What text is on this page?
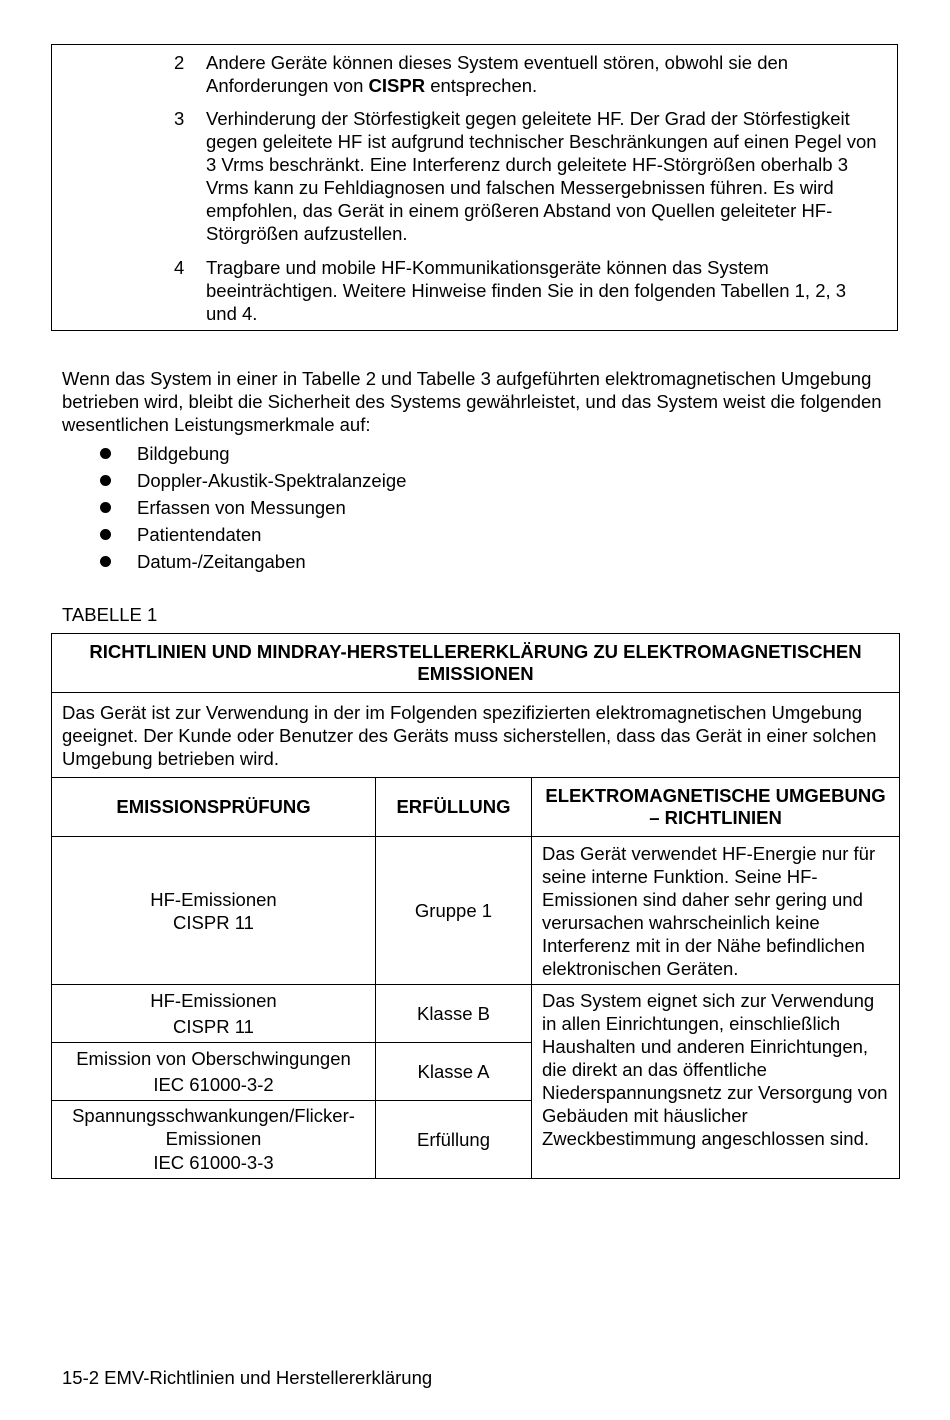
2 Andere Geräte können dieses System eventuell stören, obwohl sie den Anforderungen von CISPR entsprechen.
3 Verhinderung der Störfestigkeit gegen geleitete HF. Der Grad der Störfestigkeit gegen geleitete HF ist aufgrund technischer Beschränkungen auf einen Pegel von 3 Vrms beschränkt. Eine Interferenz durch geleitete HF-Störgrößen oberhalb 3 Vrms kann zu Fehldiagnosen und falschen Messergebnissen führen. Es wird empfohlen, das Gerät in einem größeren Abstand von Quellen geleiteter HF-Störgrößen aufzustellen.
4 Tragbare und mobile HF-Kommunikationsgeräte können das System beeinträchtigen. Weitere Hinweise finden Sie in den folgenden Tabellen 1, 2, 3 und 4.
Wenn das System in einer in Tabelle 2 und Tabelle 3 aufgeführten elektromagnetischen Umgebung betrieben wird, bleibt die Sicherheit des Systems gewährleistet, und das System weist die folgenden wesentlichen Leistungsmerkmale auf:
Bildgebung
Doppler-Akustik-Spektralanzeige
Erfassen von Messungen
Patientendaten
Datum-/Zeitangaben
TABELLE 1
RICHTLINIEN UND MINDRAY-HERSTELLERERKLÄRUNG ZU ELEKTROMAGNETISCHEN EMISSIONEN		
Das Gerät ist zur Verwendung in der im Folgenden spezifizierten elektromagnetischen Umgebung geeignet. Der Kunde oder Benutzer des Geräts muss sicherstellen, dass das Gerät in einer solchen Umgebung betrieben wird.		
EMISSIONSPRÜFUNG	ERFÜLLUNG	ELEKTROMAGNETISCHE UMGEBUNG – RICHTLINIEN

HF-Emissionen
CISPR 11	Gruppe 1	Das Gerät verwendet HF-Energie nur für seine interne Funktion. Seine HF-Emissionen sind daher sehr gering und verursachen wahrscheinlich keine Interferenz mit in der Nähe befindlichen elektronischen Geräten.

HF-Emissionen
CISPR 11	Klasse B	Das System eignet sich zur Verwendung in allen Einrichtungen, einschließlich Haushalten und anderen Einrichtungen, die direkt an das öffentliche Niederspannungsnetz zur Versorgung von Gebäuden mit häuslicher Zweckbestimmung angeschlossen sind.

Emission von Oberschwingungen
IEC 61000-3-2	Klasse A	

Spannungsschwankungen/Flicker-Emissionen
IEC 61000-3-3	Erfüllung	
15-2 EMV-Richtlinien und Herstellererklärung
